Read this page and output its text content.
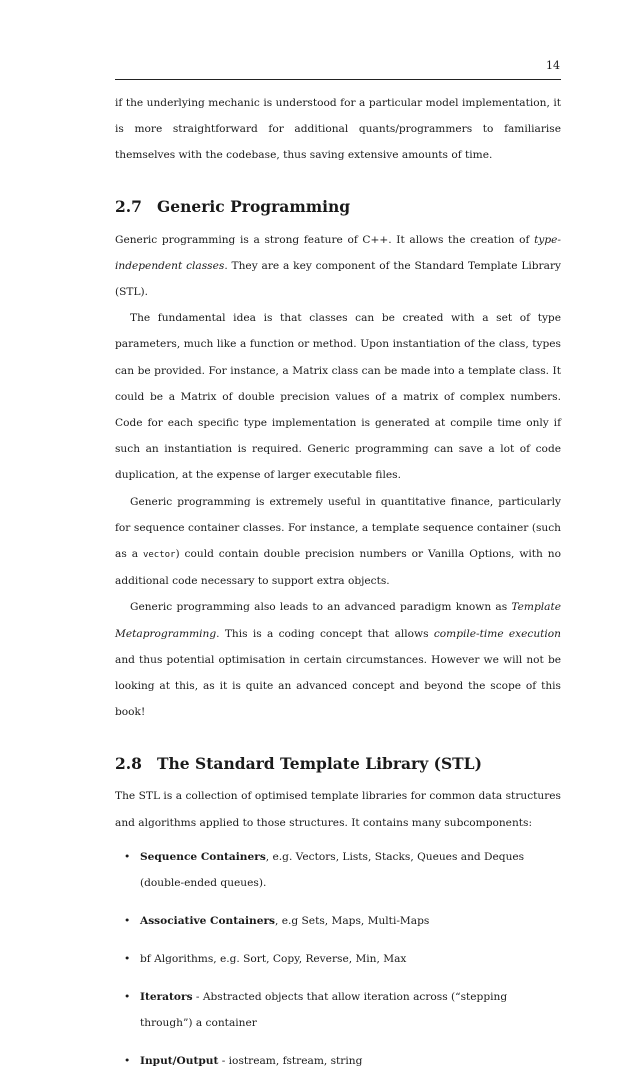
14

if the underlying mechanic is understood for a particular model implementation, it is more straightforward for additional quants/programmers to familiarise themselves with the codebase, thus saving extensive amounts of time.

2.7 Generic Programming

Generic programming is a strong feature of C++. It allows the creation of type-independent classes. They are a key component of the Standard Template Library (STL).

The fundamental idea is that classes can be created with a set of type parameters, much like a function or method. Upon instantiation of the class, types can be provided. For instance, a Matrix class can be made into a template class. It could be a Matrix of double precision values of a matrix of complex numbers. Code for each specific type implementation is generated at compile time only if such an instantiation is required. Generic programming can save a lot of code duplication, at the expense of larger executable files.

Generic programming is extremely useful in quantitative finance, particularly for sequence container classes. For instance, a template sequence container (such as a vector) could contain double precision numbers or Vanilla Options, with no additional code necessary to support extra objects.

Generic programming also leads to an advanced paradigm known as Template Metaprogramming. This is a coding concept that allows compile-time execution and thus potential optimisation in certain circumstances. However we will not be looking at this, as it is quite an advanced concept and beyond the scope of this book!

2.8 The Standard Template Library (STL)

The STL is a collection of optimised template libraries for common data structures and algorithms applied to those structures. It contains many subcomponents:

• Sequence Containers, e.g. Vectors, Lists, Stacks, Queues and Deques (double-ended queues).
• Associative Containers, e.g Sets, Maps, Multi-Maps
• bf Algorithms, e.g. Sort, Copy, Reverse, Min, Max
• Iterators - Abstracted objects that allow iteration across (“stepping through”) a container
• Input/Output - iostream, fstream, string
